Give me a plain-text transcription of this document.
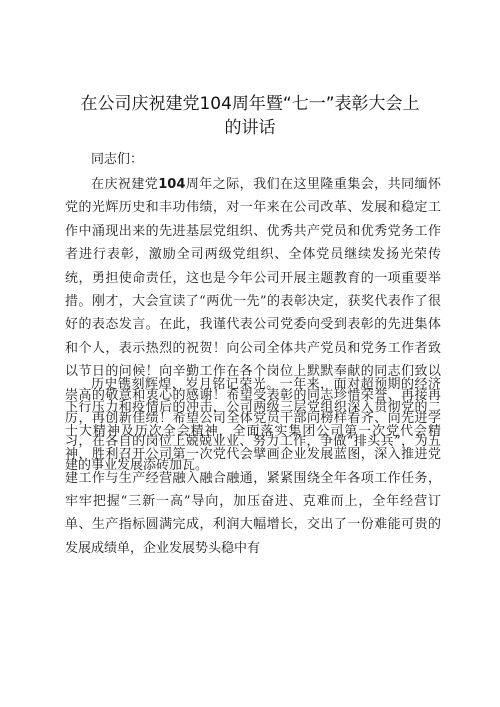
在公司庆祝建党104周年暨“七一”表彰大会上
的讲话
同志们：

在庆祝建党104周年之际，我们在这里隆重集会，共同缅怀党的光辉历史和丰功伟绩，对一年来在公司改革、发展和稳定工作中涌现出来的先进基层党组织、优秀共产党员和优秀党务工作者进行表彰，激励全司两级党组织、全体党员继续发扬光荣传统，勇担使命责任，这也是今年公司开展主题教育的一项重要举措。刚才，大会宣读了“两优一先”的表彰决定，获奖代表作了很好的表态发言。在此，我谨代表公司党委向受到表彰的先进集体和个人，表示热烈的祝贺！向公司全体共产党员和党务工作者致以节日的问候！向辛勤工作在各个岗位上默默奉献的同志们致以崇高的敬意和衷心的感谢！希望受表彰的同志珍惜荣誉、再接再厉，再创新佳绩！希望公司全体党员干部向榜样看齐、向先进学习，在各自的岗位上兢兢业业、努力工作，争做“排头兵”，为五建的事业发展添砖加瓦。

历史镌刻辉煌，岁月铭记荣光。一年来，面对超预期的经济下行压力和疫情后的冲击，公司两级三层党组织深入贯彻党的二十大精神及历次全会精神，全面落实集团公司第一次党代会精神，胜利召开公司第一次党代会擘画企业发展蓝图，深入推进党建工作与生产经营融入融合融通，紧紧围绕全年各项工作任务，牢牢把握“三新一高”导向，加压奋进、克难而上，全年经营订单、生产指标圆满完成，利润大幅增长，交出了一份难能可贵的发展成绩单，企业发展势头稳中有
